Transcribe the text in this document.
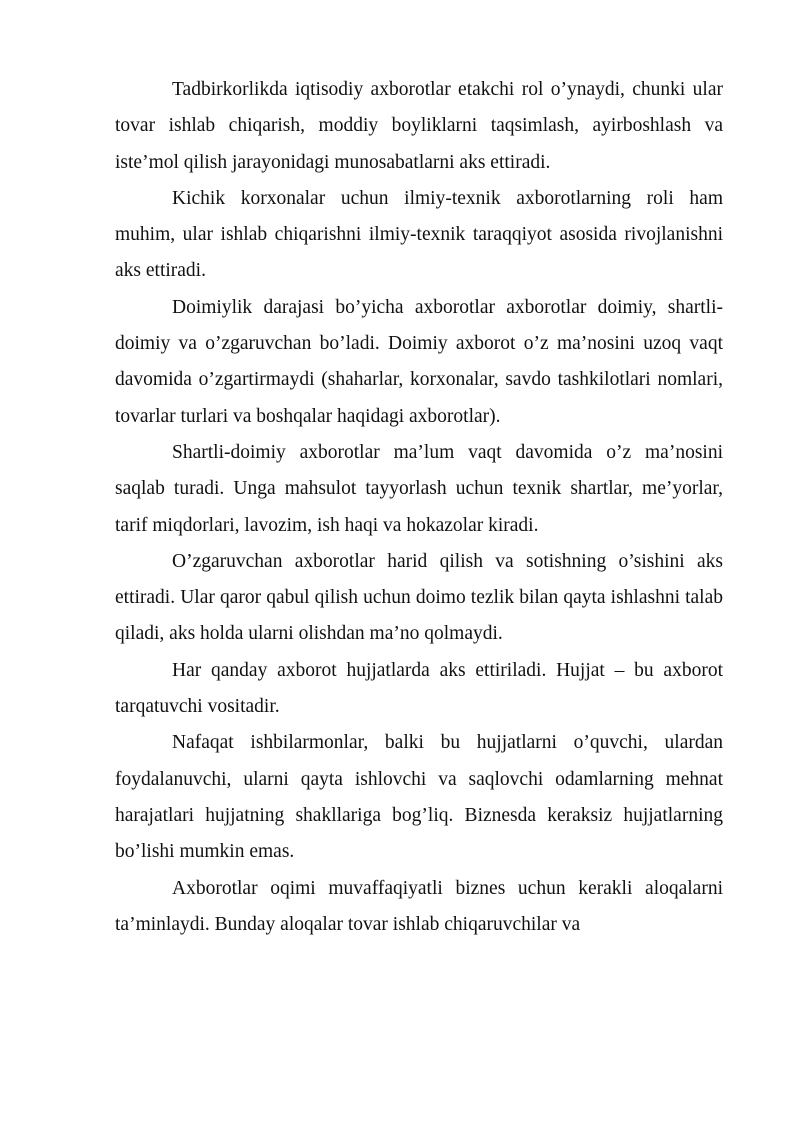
Tadbirkorlikda iqtisodiy axborotlar etakchi rol o’ynaydi, chunki ular tovar ishlab chiqarish, moddiy boyliklarni taqsimlash, ayirboshlash va iste’mol qilish jarayonidagi munosabatlarni aks ettiradi.

Kichik korxonalar uchun ilmiy-texnik axborotlarning roli ham muhim, ular ishlab chiqarishni ilmiy-texnik taraqqiyot asosida rivojlanishni aks ettiradi.

Doimiylik darajasi bo’yicha axborotlar axborotlar doimiy, shartli-doimiy va o’zgaruvchan bo’ladi. Doimiy axborot o’z ma’nosini uzoq vaqt davomida o’zgartirmaydi (shaharlar, korxonalar, savdo tashkilotlari nomlari, tovarlar turlari va boshqalar haqidagi axborotlar).

Shartli-doimiy axborotlar ma’lum vaqt davomida o’z ma’nosini saqlab turadi. Unga mahsulot tayyorlash uchun texnik shartlar, me’yorlar, tarif miqdorlari, lavozim, ish haqi va hokazolar kiradi.

O’zgaruvchan axborotlar harid qilish va sotishning o’sishini aks ettiradi. Ular qaror qabul qilish uchun doimo tezlik bilan qayta ishlashni talab qiladi, aks holda ularni olishdan ma’no qolmaydi.

Har qanday axborot hujjatlarda aks ettiriladi. Hujjat – bu axborot tarqatuvchi vositadir.

Nafaqat ishbilarmonlar, balki bu hujjatlarni o’quvchi, ulardan foydalanuvchi, ularni qayta ishlovchi va saqlovchi odamlarning mehnat harajatlari hujjatning shakllariga bog’liq. Biznesda keraksiz hujjatlarning bo’lishi mumkin emas.

Axborotlar oqimi muvaffaqiyatli biznes uchun kerakli aloqalarni ta’minlaydi. Bunday aloqalar tovar ishlab chiqaruvchilar va
